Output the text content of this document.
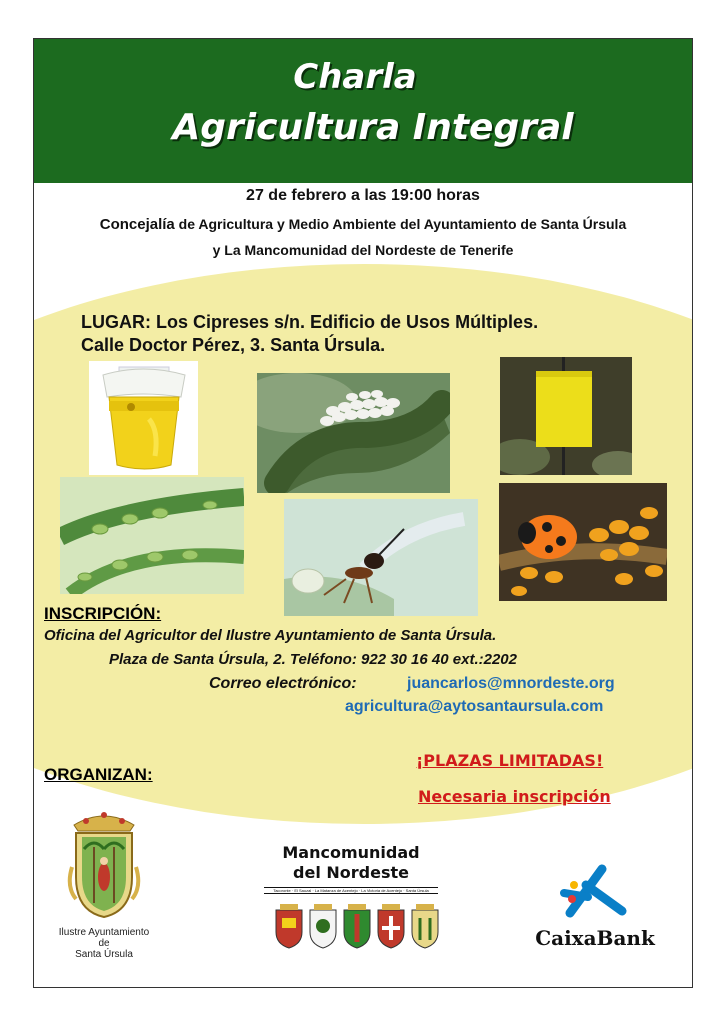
Charla
Agricultura Integral
27 de febrero a las 19:00 horas
Concejalía de Agricultura y Medio Ambiente del Ayuntamiento de Santa Úrsula
y La Mancomunidad del Nordeste de Tenerife
LUGAR: Los Cipreses s/n. Edificio de Usos Múltiples.
Calle Doctor Pérez, 3. Santa Úrsula.
INSCRIPCIÓN:
Oficina del Agricultor del Ilustre Ayuntamiento de Santa Úrsula.
Plaza de Santa Úrsula, 2. Teléfono: 922 30 16 40 ext.:2202
Correo electrónico:	juancarlos@mnordeste.org
agricultura@aytosantaursula.com
¡PLAZAS LIMITADAS!
Necesaria inscripción
ORGANIZAN:
Ilustre Ayuntamiento
de
Santa Úrsula
Mancomunidad
del Nordeste
Tacoronte · El Sauzal · La Matanza de Acentejo · La Victoria de Acentejo · Santa Úrsula
CaixaBank
